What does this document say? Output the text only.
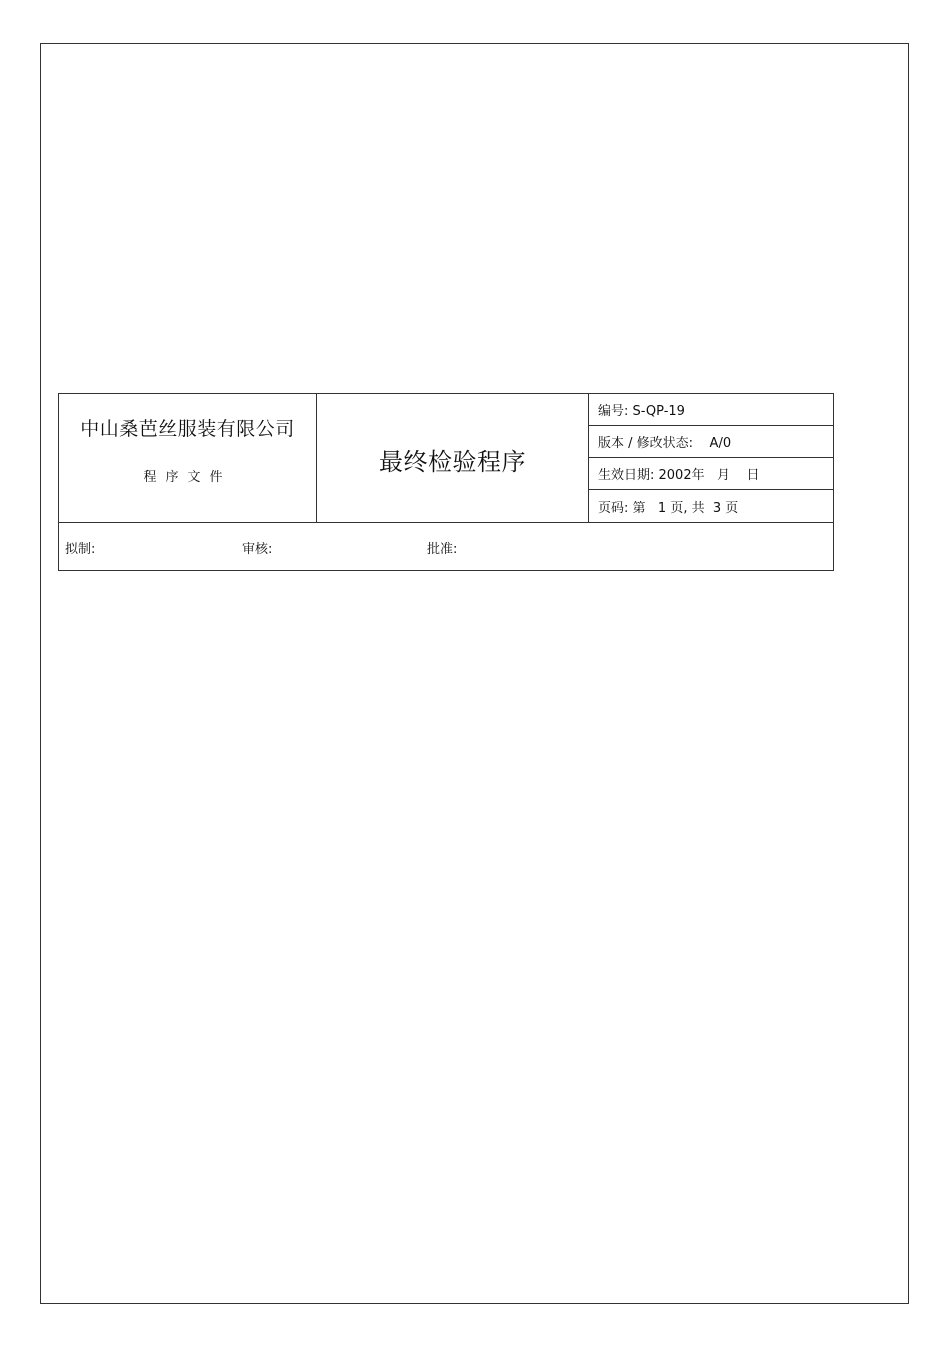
中山桑芭丝服装有限公司
程序文件
最终检验程序
编号: S-QP-19
版本 / 修改状态:    A/0
生效日期: 2002年   月    日
页码: 第   1 页, 共  3 页
拟制:	审核:	批准:
